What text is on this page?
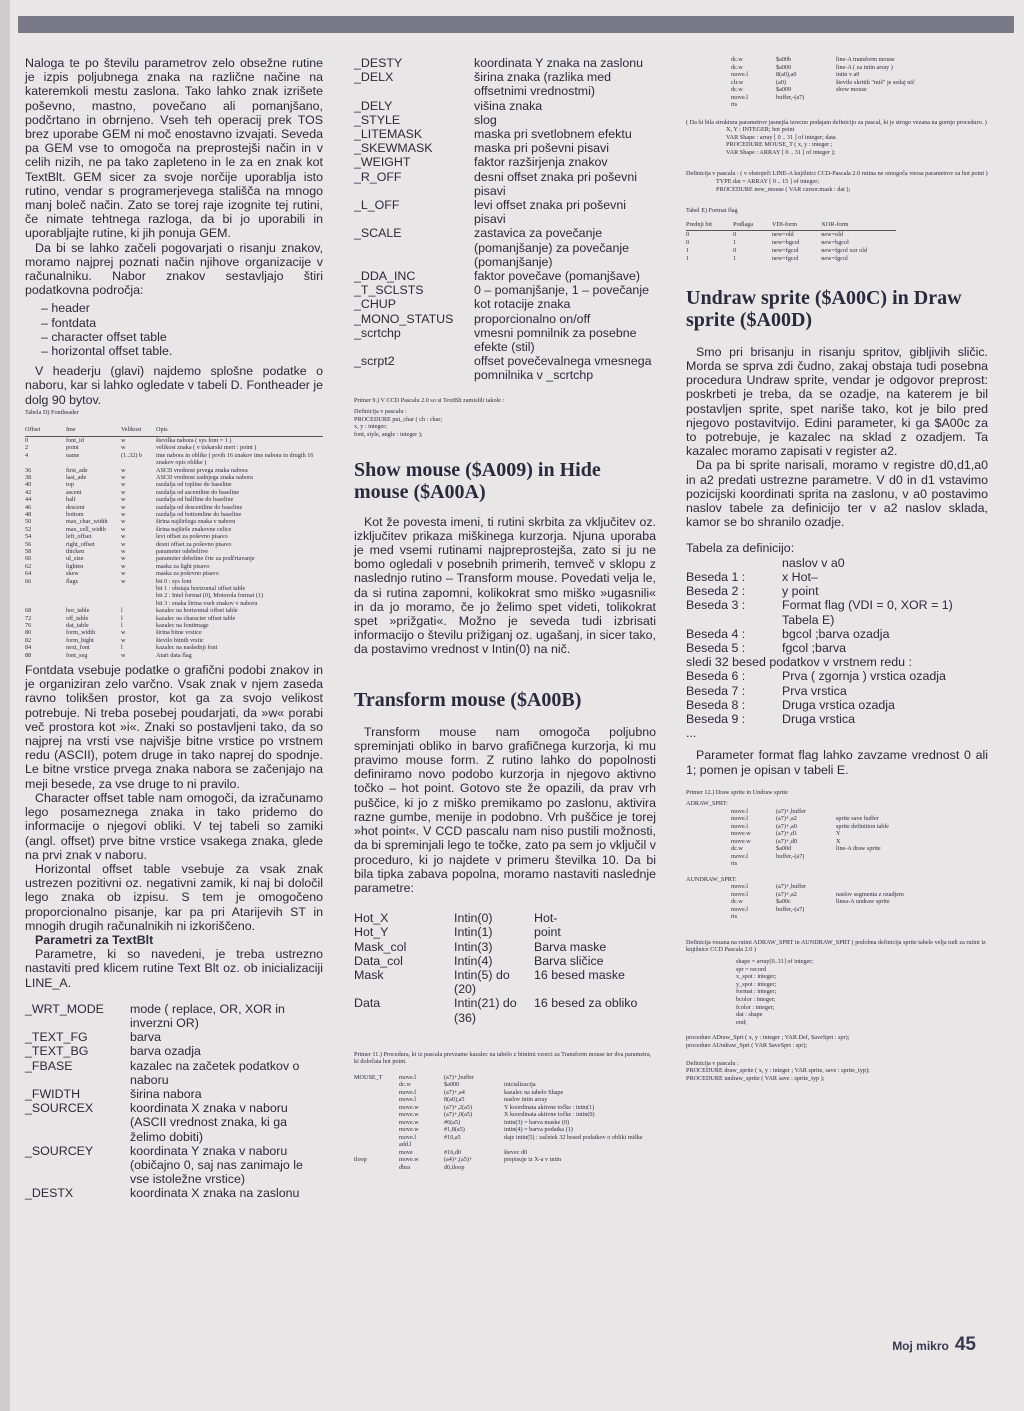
Naloga te po številu parametrov zelo obsežne rutine je izpis poljubnega znaka na različne načine na kateremkoli mestu zaslona. Tako lahko znak izrišete poševno, mastno, povečano ali pomanjšano, podčrtano in obrnjeno. Vseh teh operacij prek TOS brez uporabe GEM ni moč enostavno izvajati. Seveda pa GEM vse to omogoča na preprostejši način in v celih nizih, ne pa tako zapleteno in le za en znak kot TextBlt. GEM sicer za svoje norčije uporablja isto rutino, vendar s programerjevega stališča na mnogo manj boleč način. Zato se torej raje izognite tej rutini, če nimate tehtnega razloga, da bi jo uporabili in uporabljajte rutine, ki jih ponuja GEM.

Da bi se lahko začeli pogovarjati o risanju znakov, moramo najprej poznati način njihove organizacije v računalniku. Nabor znakov sestavljajo štiri podatkovna področja:

– header
– fontdata
– character offset table
– horizontal offset table.

V headerju (glavi) najdemo splošne podatke o naboru, kar si lahko ogledate v tabeli D. Fontheader je dolg 90 bytov.

Tabela D) Fontheader
Offset	Ime	Velikost	Opis
0	font_id	w	številka nabora ( sys font = 1 )
2	point	w	velikost znaka ( v tiskarski meri : point )
4	name	(1..32) b	ime nabora in oblike ( prvih 16 znakov ime nabora in drugih 16 znakov opis oblike )
36	first_ade	w	ASCII vrednost prvega znaka nabora
38	last_ade	w	ASCII vrednost zadnjega znaka nabora
40	top	w	razdalja od topline do baseline
42	ascent	w	razdalja od ascentline do baseline
44	half	w	razdalja od halfline do baseline
46	descent	w	razdalja od descentline do baseline
48	bottom	w	razdalja od bottomline do baseline
50	max_char_width	w	širina najširšega znaka v naboru
52	max_cell_width	w	širina najširše znakovne celice
54	left_offset	w	levi offset za poševno pisavo
56	right_offset	w	desni offset za poševno pisavo
58	thicken	w	parameter odebelitve
60	ul_size	w	parameter debeline črte za podčrtavanje
62	lighten	w	maska za light pisavo
64	skew	w	maska za poševno pisavo
66	flags	w	bit 0 : sys font
bit 1 : obstaja horizontal offset table
bit 2 : Intel format (0), Motorola format (1)
bit 3 : enaka širina vseh znakov v naboru
68	hor_table	l	kazalec na horizontal offset table
72	off_table	l	kazalec na character offset table
76	dat_table	l	kazalec na fontimage
80	form_width	w	širina bitne vrstice
82	form_hight	w	število bitnih vrstic
84	next_font	l	kazalec na naslednji font
88	font_seg	w	Atari data flag

Fontdata vsebuje podatke o grafični podobi znakov in je organiziran zelo varčno. Vsak znak v njem zaseda ravno tolikšen prostor, kot ga za svojo velikost potrebuje. Ni treba posebej poudarjati, da »w« porabi več prostora kot »i«. Znaki so postavljeni tako, da so najprej na vrsti vse najvišje bitne vrstice po vrstnem redu (ASCII), potem druge in tako naprej do spodnje. Le bitne vrstice prvega znaka nabora se začenjajo na meji besede, za vse druge to ni pravilo.

Character offset table nam omogoči, da izračunamo lego posameznega znaka in tako pridemo do informacije o njegovi obliki. V tej tabeli so zamiki (angl. offset) prve bitne vrstice vsakega znaka, glede na prvi znak v naboru.

Horizontal offset table vsebuje za vsak znak ustrezen pozitivni oz. negativni zamik, ki naj bi določil lego znaka ob izpisu. S tem je omogočeno proporcionalno pisanje, kar pa pri Atarijevih ST in mnogih drugih računalnikih ni izkoriščeno.

Parametri za TextBlt

Parametre, ki so navedeni, je treba ustrezno nastaviti pred klicem rutine Text Blt oz. ob inicializaciji LINE_A.

_WRT_MODE	mode ( replace, OR, XOR in inverzni OR)
_TEXT_FG	barva
_TEXT_BG	barva ozadja
_FBASE	kazalec na začetek podatkov o naboru
_FWIDTH	širina nabora
_SOURCEX	koordinata X znaka v naboru (ASCII vrednost znaka, ki ga želimo dobiti)
_SOURCEY	koordinata Y znaka v naboru (običajno 0, saj nas zanimajo le vse istoležne vrstice)
_DESTX	koordinata X znaka na zaslonu
_DESTY	koordinata Y znaka na zaslonu
_DELX	širina znaka (razlika med offsetnimi vrednostmi)
_DELY	višina znaka
_STYLE	slog
_LITEMASK	maska pri svetlobnem efektu
_SKEWMASK	maska pri poševni pisavi
_WEIGHT	faktor razširjenja znakov
_R_OFF	desni offset znaka pri poševni pisavi
_L_OFF	levi offset znaka pri poševni pisavi
_SCALE	zastavica za povečanje (pomanjšanje) za povečanje (pomanjšanje)
_DDA_INC	faktor povečave (pomanjšave)
_T_SCLSTS	0 – pomanjšanje, 1 – povečanje
_CHUP	kot rotacije znaka
_MONO_STATUS	proporcionalno on/off
_scrtchp	vmesni pomnilnik za posebne efekte (stil)
_scrpt2	offset povečevalnega vmesnega pomnilnika v _scrtchp
Primer 9.) V CCD Pascalu 2.0 so si TextBlt zamislili takole :
Definicija v pascalu :
PROCEDURE put_char ( ch : char;
x, y : integer;
font, style, angle : integer );
Show mouse ($A009) in Hide mouse ($A00A)

Kot že povesta imeni, ti rutini skrbita za vključitev oz. izključitev prikaza miškinega kurzorja. Njuna uporaba je med vsemi rutinami najpreprostejša, zato si ju ne bomo ogledali v posebnih primerih, temveč v sklopu z naslednjo rutino – Transform mouse. Povedati velja le, da si rutina zapomni, kolikokrat smo miško »ugasnili« in da jo moramo, če jo želimo spet videti, tolikokrat spet »prižgati«. Možno je seveda tudi izbrisati informacijo o številu prižiganj oz. ugašanj, in sicer tako, da postavimo vrednost v Intin(0) na nič.

Transform mouse ($A00B)

Transform mouse nam omogoča poljubno spreminjati obliko in barvo grafičnega kurzorja, ki mu pravimo mouse form. Z rutino lahko do popolnosti definiramo novo podobo kurzorja in njegovo aktivno točko – hot point. Gotovo ste že opazili, da prav vrh puščice, ki jo z miško premikamo po zaslonu, aktivira razne gumbe, menije in podobno. Vrh puščice je torej »hot point«. V CCD pascalu nam niso pustili možnosti, da bi spreminjali lego te točke, zato pa sem jo vključil v proceduro, ki jo najdete v primeru številka 10. Da bi bila tipka zabava popolna, moramo nastaviti naslednje parametre:

Hot_X	Intin(0)	Hot-
Hot_Y	Intin(1)	point
Mask_col	Intin(3)	Barva maske
Data_col	Intin(4)	Barva sličice
Mask	Intin(5) do (20)
16 besed maske
Data	Intin(21) do (36)
16 besed za obliko
Primer 11.) Procedura, ki iz pascala prevzame kazalec na tabelo z bitnimi vzorci za Transform mouse ter dva parametra, ki določata hot point.
MOUSE_T	move.l	(a7)+,buffer
dc.w	$a000	inicializacija
move.l	(a7)+,a4	kazalec na tabelo Shape
move.l	8(a0),a5	naslov intin array
move.w	(a7)+,2(a5)	Y koordinata aktivne točke : intin(1)
move.w	(a7)+,0(a5)	X koordinata aktivne točke : intin(0)
move.w	#6(a5)	intin(3) = barva maske (0)
move.w	#1,8(a5)	intin(4) = barva podatka (1)
move.l	#10,a5	daje intin(5) : začetek 32 besed podatkov o obliki miške
add.l
move	#16,d0	števec d0
tloop	move.w	(a4)+,(a5)+	prepisuje iz X-a v intin
dbra	d0,tloop
dc.w	$a00b	line-A transform mouse
dc.w	$a000	line-A ( za intin array )
move.l	8(a0),a0	intin v a0
clr.w	(a0)	število skritih "miš" je sedaj nič
dc.w	$a009	show mouse
move.l	buffer,-(a7)
rts
( Da bi bila struktura parametrov jasnejša izrecno podajam definicijo za pascal, ki je strogo vezana na gornjo proceduro. )
X, Y : INTEGER; hot point
VAR Shape : array [ 0 .. 31 ] of integer; data
PROCEDURE MOUSE_T ( x, y : integer ;
VAR Shape : ARRAY [ 0 .. 31 ] of integer );
Definicija v pascalu : ( v obstoječi LINE-A knjižnici CCD-Pascala 2.0 rutina ne omogoča vnosa parametrov za hot point )
TYPE dat = ARRAY [ 0 .. 15 ] of integer;
PROCEDURE new_mouse ( VAR cursor.mask : dat );
Tabel E) Format flag
Prednji bit	Podlaga	VDI-form	XOR-form
0	0	new=old	new=old
0	1	new=bgcol	new=bgcol
1	0	new=fgcol	new=fgcol xor old
1	1	new=fgcol	new=fgcol
Undraw sprite ($A00C) in Draw sprite ($A00D)

Smo pri brisanju in risanju spritov, gibljivih sličic. Morda se sprva zdi čudno, zakaj obstaja tudi posebna procedura Undraw sprite, vendar je odgovor preprost: poskrbeti je treba, da se ozadje, na katerem je bil postavljen sprite, spet nariše tako, kot je bilo pred njegovo postavitvijo. Edini parameter, ki ga $A00c za to potrebuje, je kazalec na sklad z ozadjem. Ta kazalec moramo zapisati v register a2.

Da pa bi sprite narisali, moramo v registre d0,d1,a0 in a2 predati ustrezne parametre. V d0 in d1 vstavimo pozicijski koordinati sprita na zaslonu, v a0 postavimo naslov tabele za definicijo ter v a2 naslov sklada, kamor se bo shranilo ozadje.

Tabela za definicijo:
naslov v a0
Beseda 1 :	x Hot–
Beseda 2 :	y point
Beseda 3 :	Format flag (VDI = 0, XOR = 1) Tabela E)
Beseda 4 :	bgcol ;barva ozadja
Beseda 5 :	fgcol ;barva
sledi 32 besed podatkov v vrstnem redu :
Beseda 6 :	Prva ( zgornja ) vrstica ozadja
Beseda 7 :	Prva vrstica
Beseda 8 :	Druga vrstica ozadja
Beseda 9 :	Druga vrstica
...

Parameter format flag lahko zavzame vrednost 0 ali 1; pomen je opisan v tabeli E.

Primer 12.) Draw sprite in Undraw sprite
ADRAW_SPRT:
move.l	(a7)+,buffer
move.l	(a7)+,a2	sprite save buffer
move.l	(a7)+,a0	sprite definition table
move.w	(a7)+,d1	Y
move.w	(a7)+,d0	X
dc.w	$a00d	line-A draw sprite
move.l	buffer,-(a7)
rts
AUNDRAW_SPRT:
move.l	(a7)+,buffer
move.l	(a7)+,a2	naslov segmenta z ozadjem
dc.w	$a00c	linea-A undraw sprite
move.l	buffer,-(a7)
rts
Definicija vezana na rutini ADRAW_SPRT in AUNDRAW_SPRT ( podobna definicija sprite tabele velja tudi za rutini iz knjižnice CCD Pascala 2.0 )
shape = array[0..31] of integer;
spr = record
x_spot : integer;
y_spot : integer;
format : integer;
bcolor : integer;
fcolor : integer;
dat : shape
end;
procedure ADraw_Sprt ( x, y : integer ; VAR Def, SaveSprt : spr);
procedure AUndraw_Sprt ( VAR SaveSprt : spr);
Definicija v pascalu :
PROCEDURE draw_sprite ( x, y : integer ; VAR sprite, save : sprite_typ);
PROCEDURE undraw_sprite ( VAR save : sprite_typ );
Moj mikro 45
